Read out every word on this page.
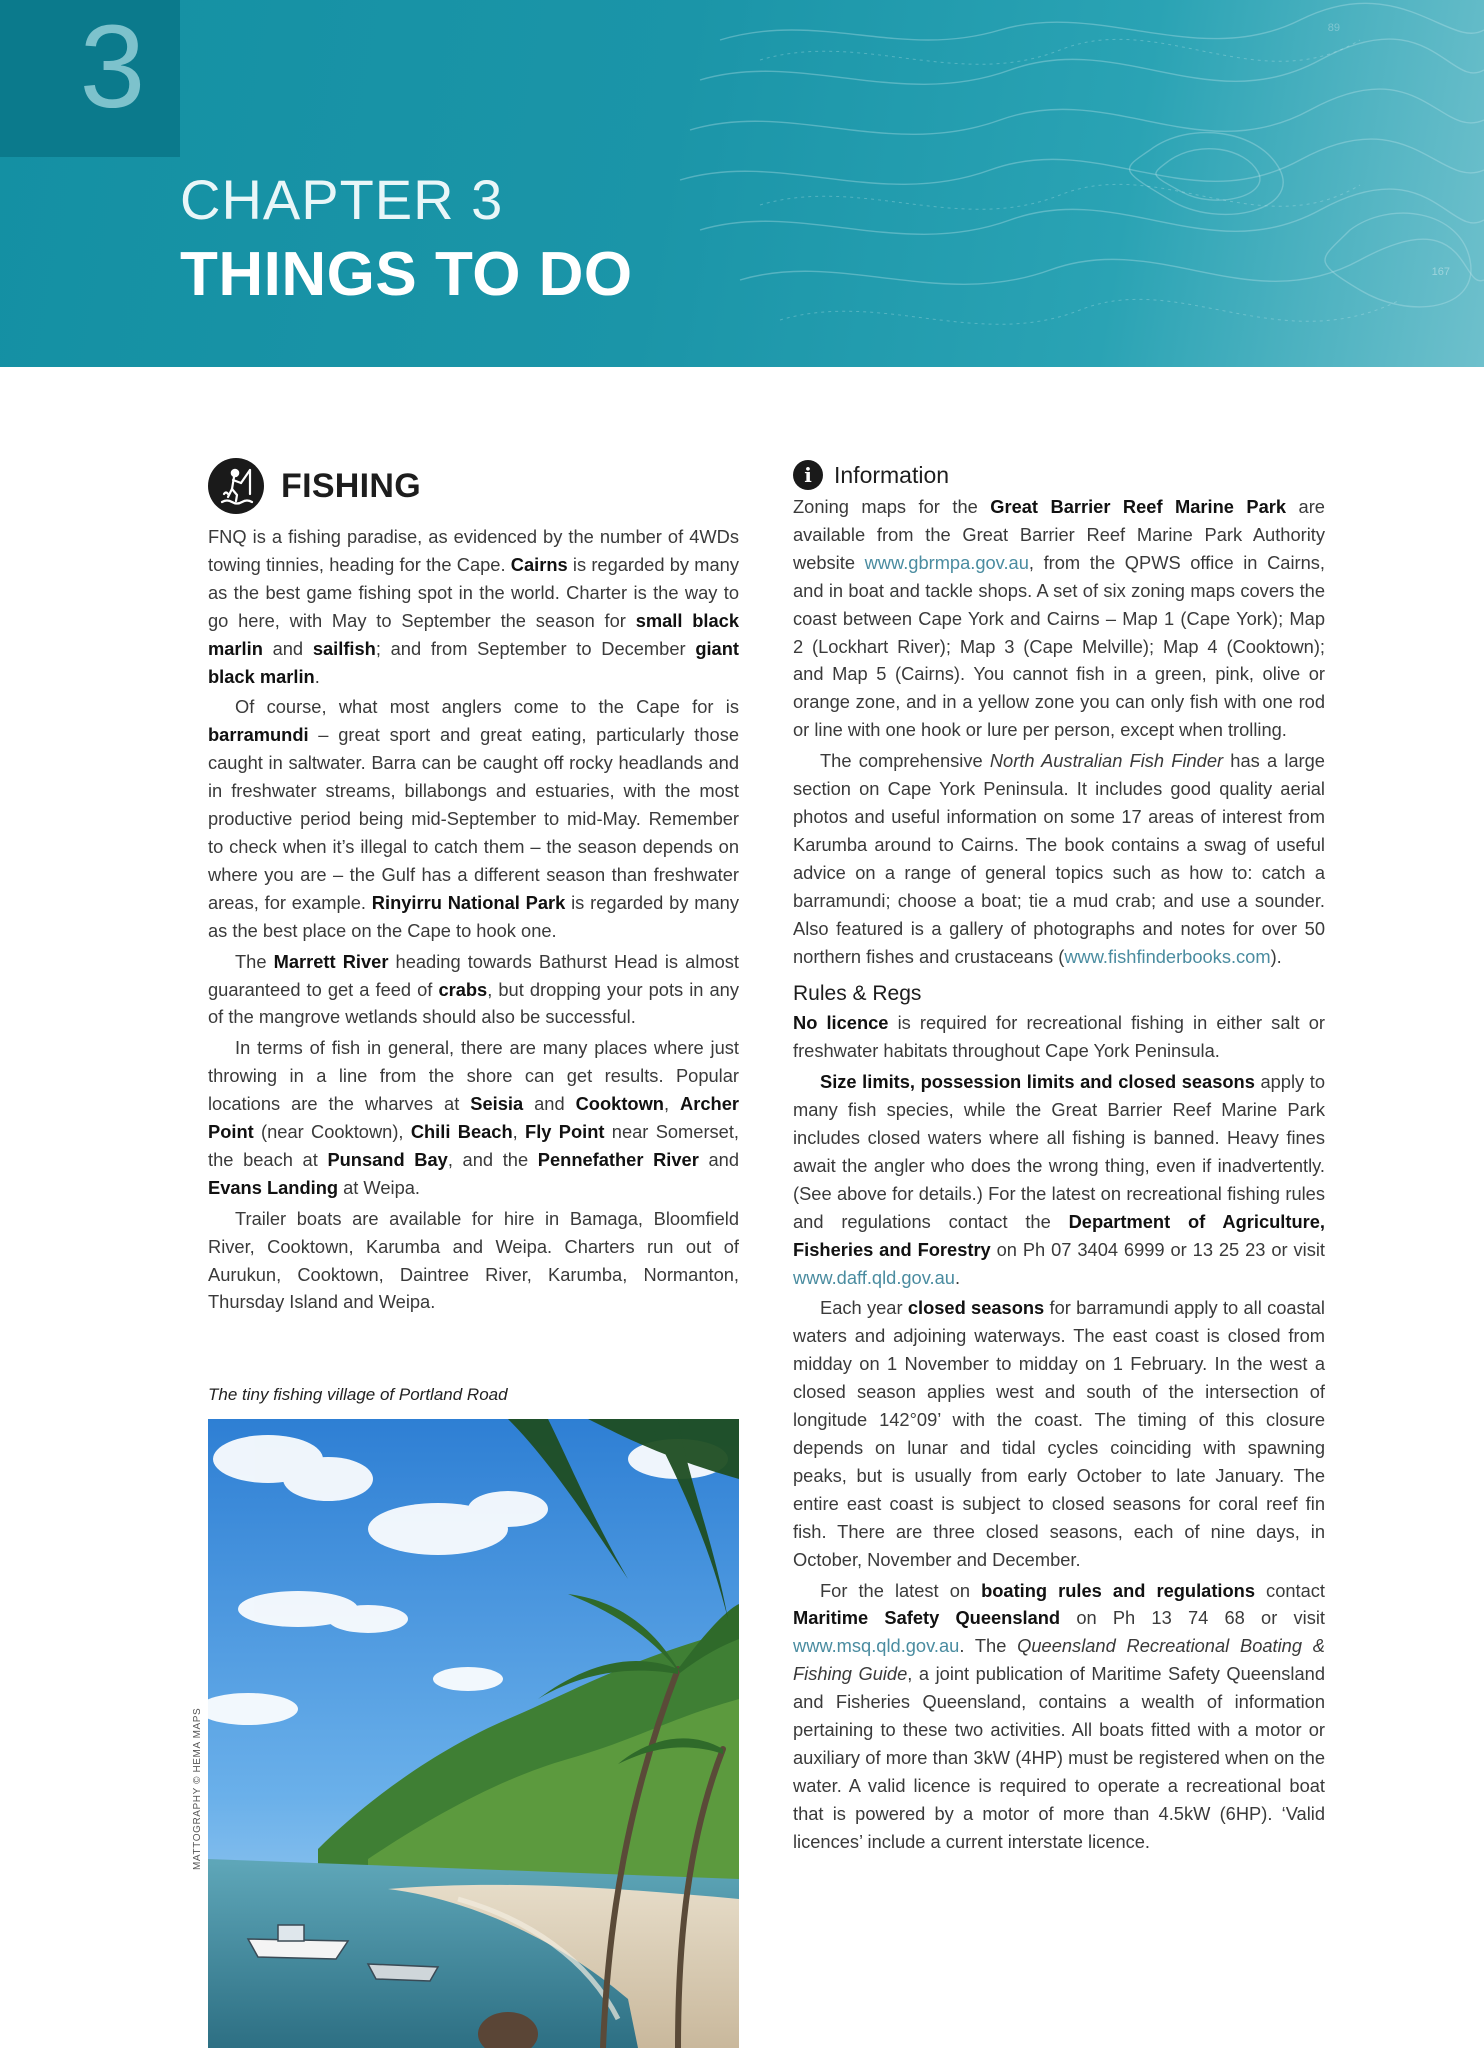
3	89
167
CHAPTER 3
THINGS TO DO
FISHING

FNQ is a fishing paradise, as evidenced by the number of 4WDs towing tinnies, heading for the Cape. Cairns is regarded by many as the best game fishing spot in the world. Charter is the way to go here, with May to September the season for small black marlin and sailfish; and from September to December giant black marlin.

Of course, what most anglers come to the Cape for is barramundi – great sport and great eating, particularly those caught in saltwater. Barra can be caught off rocky headlands and in freshwater streams, billabongs and estuaries, with the most productive period being mid-September to mid-May. Remember to check when it’s illegal to catch them – the season depends on where you are – the Gulf has a different season than freshwater areas, for example. Rinyirru National Park is regarded by many as the best place on the Cape to hook one.

The Marrett River heading towards Bathurst Head is almost guaranteed to get a feed of crabs, but dropping your pots in any of the mangrove wetlands should also be successful.

In terms of fish in general, there are many places where just throwing in a line from the shore can get results. Popular locations are the wharves at Seisia and Cooktown, Archer Point (near Cooktown), Chili Beach, Fly Point near Somerset, the beach at Punsand Bay, and the Pennefather River and Evans Landing at Weipa.

Trailer boats are available for hire in Bamaga, Bloomfield River, Cooktown, Karumba and Weipa. Charters run out of Aurukun, Cooktown, Daintree River, Karumba, Normanton, Thursday Island and Weipa.

The tiny fishing village of Portland Road
MATTOGRAPHY © HEMA MAPS
i Information

Zoning maps for the Great Barrier Reef Marine Park are available from the Great Barrier Reef Marine Park Authority website www.gbrmpa.gov.au, from the QPWS office in Cairns, and in boat and tackle shops. A set of six zoning maps covers the coast between Cape York and Cairns – Map 1 (Cape York); Map 2 (Lockhart River); Map 3 (Cape Melville); Map 4 (Cooktown); and Map 5 (Cairns). You cannot fish in a green, pink, olive or orange zone, and in a yellow zone you can only fish with one rod or line with one hook or lure per person, except when trolling.

The comprehensive North Australian Fish Finder has a large section on Cape York Peninsula. It includes good quality aerial photos and useful information on some 17 areas of interest from Karumba around to Cairns. The book contains a swag of useful advice on a range of general topics such as how to: catch a barramundi; choose a boat; tie a mud crab; and use a sounder. Also featured is a gallery of photographs and notes for over 50 northern fishes and crustaceans (www.fishfinderbooks.com).

Rules & Regs

No licence is required for recreational fishing in either salt or freshwater habitats throughout Cape York Peninsula.

Size limits, possession limits and closed seasons apply to many fish species, while the Great Barrier Reef Marine Park includes closed waters where all fishing is banned. Heavy fines await the angler who does the wrong thing, even if inadvertently. (See above for details.) For the latest on recreational fishing rules and regulations contact the Department of Agriculture, Fisheries and Forestry on Ph 07 3404 6999 or 13 25 23 or visit www.daff.qld.gov.au.

Each year closed seasons for barramundi apply to all coastal waters and adjoining waterways. The east coast is closed from midday on 1 November to midday on 1 February. In the west a closed season applies west and south of the intersection of longitude 142°09’ with the coast. The timing of this closure depends on lunar and tidal cycles coinciding with spawning peaks, but is usually from early October to late January. The entire east coast is subject to closed seasons for coral reef fin fish. There are three closed seasons, each of nine days, in October, November and December.

For the latest on boating rules and regulations contact Maritime Safety Queensland on Ph 13 74 68 or visit www.msq.qld.gov.au. The Queensland Recreational Boating & Fishing Guide, a joint publication of Maritime Safety Queensland and Fisheries Queensland, contains a wealth of information pertaining to these two activities. All boats fitted with a motor or auxiliary of more than 3kW (4HP) must be registered when on the water. A valid licence is required to operate a recreational boat that is powered by a motor of more than 4.5kW (6HP). ‘Valid licences’ include a current interstate licence.
